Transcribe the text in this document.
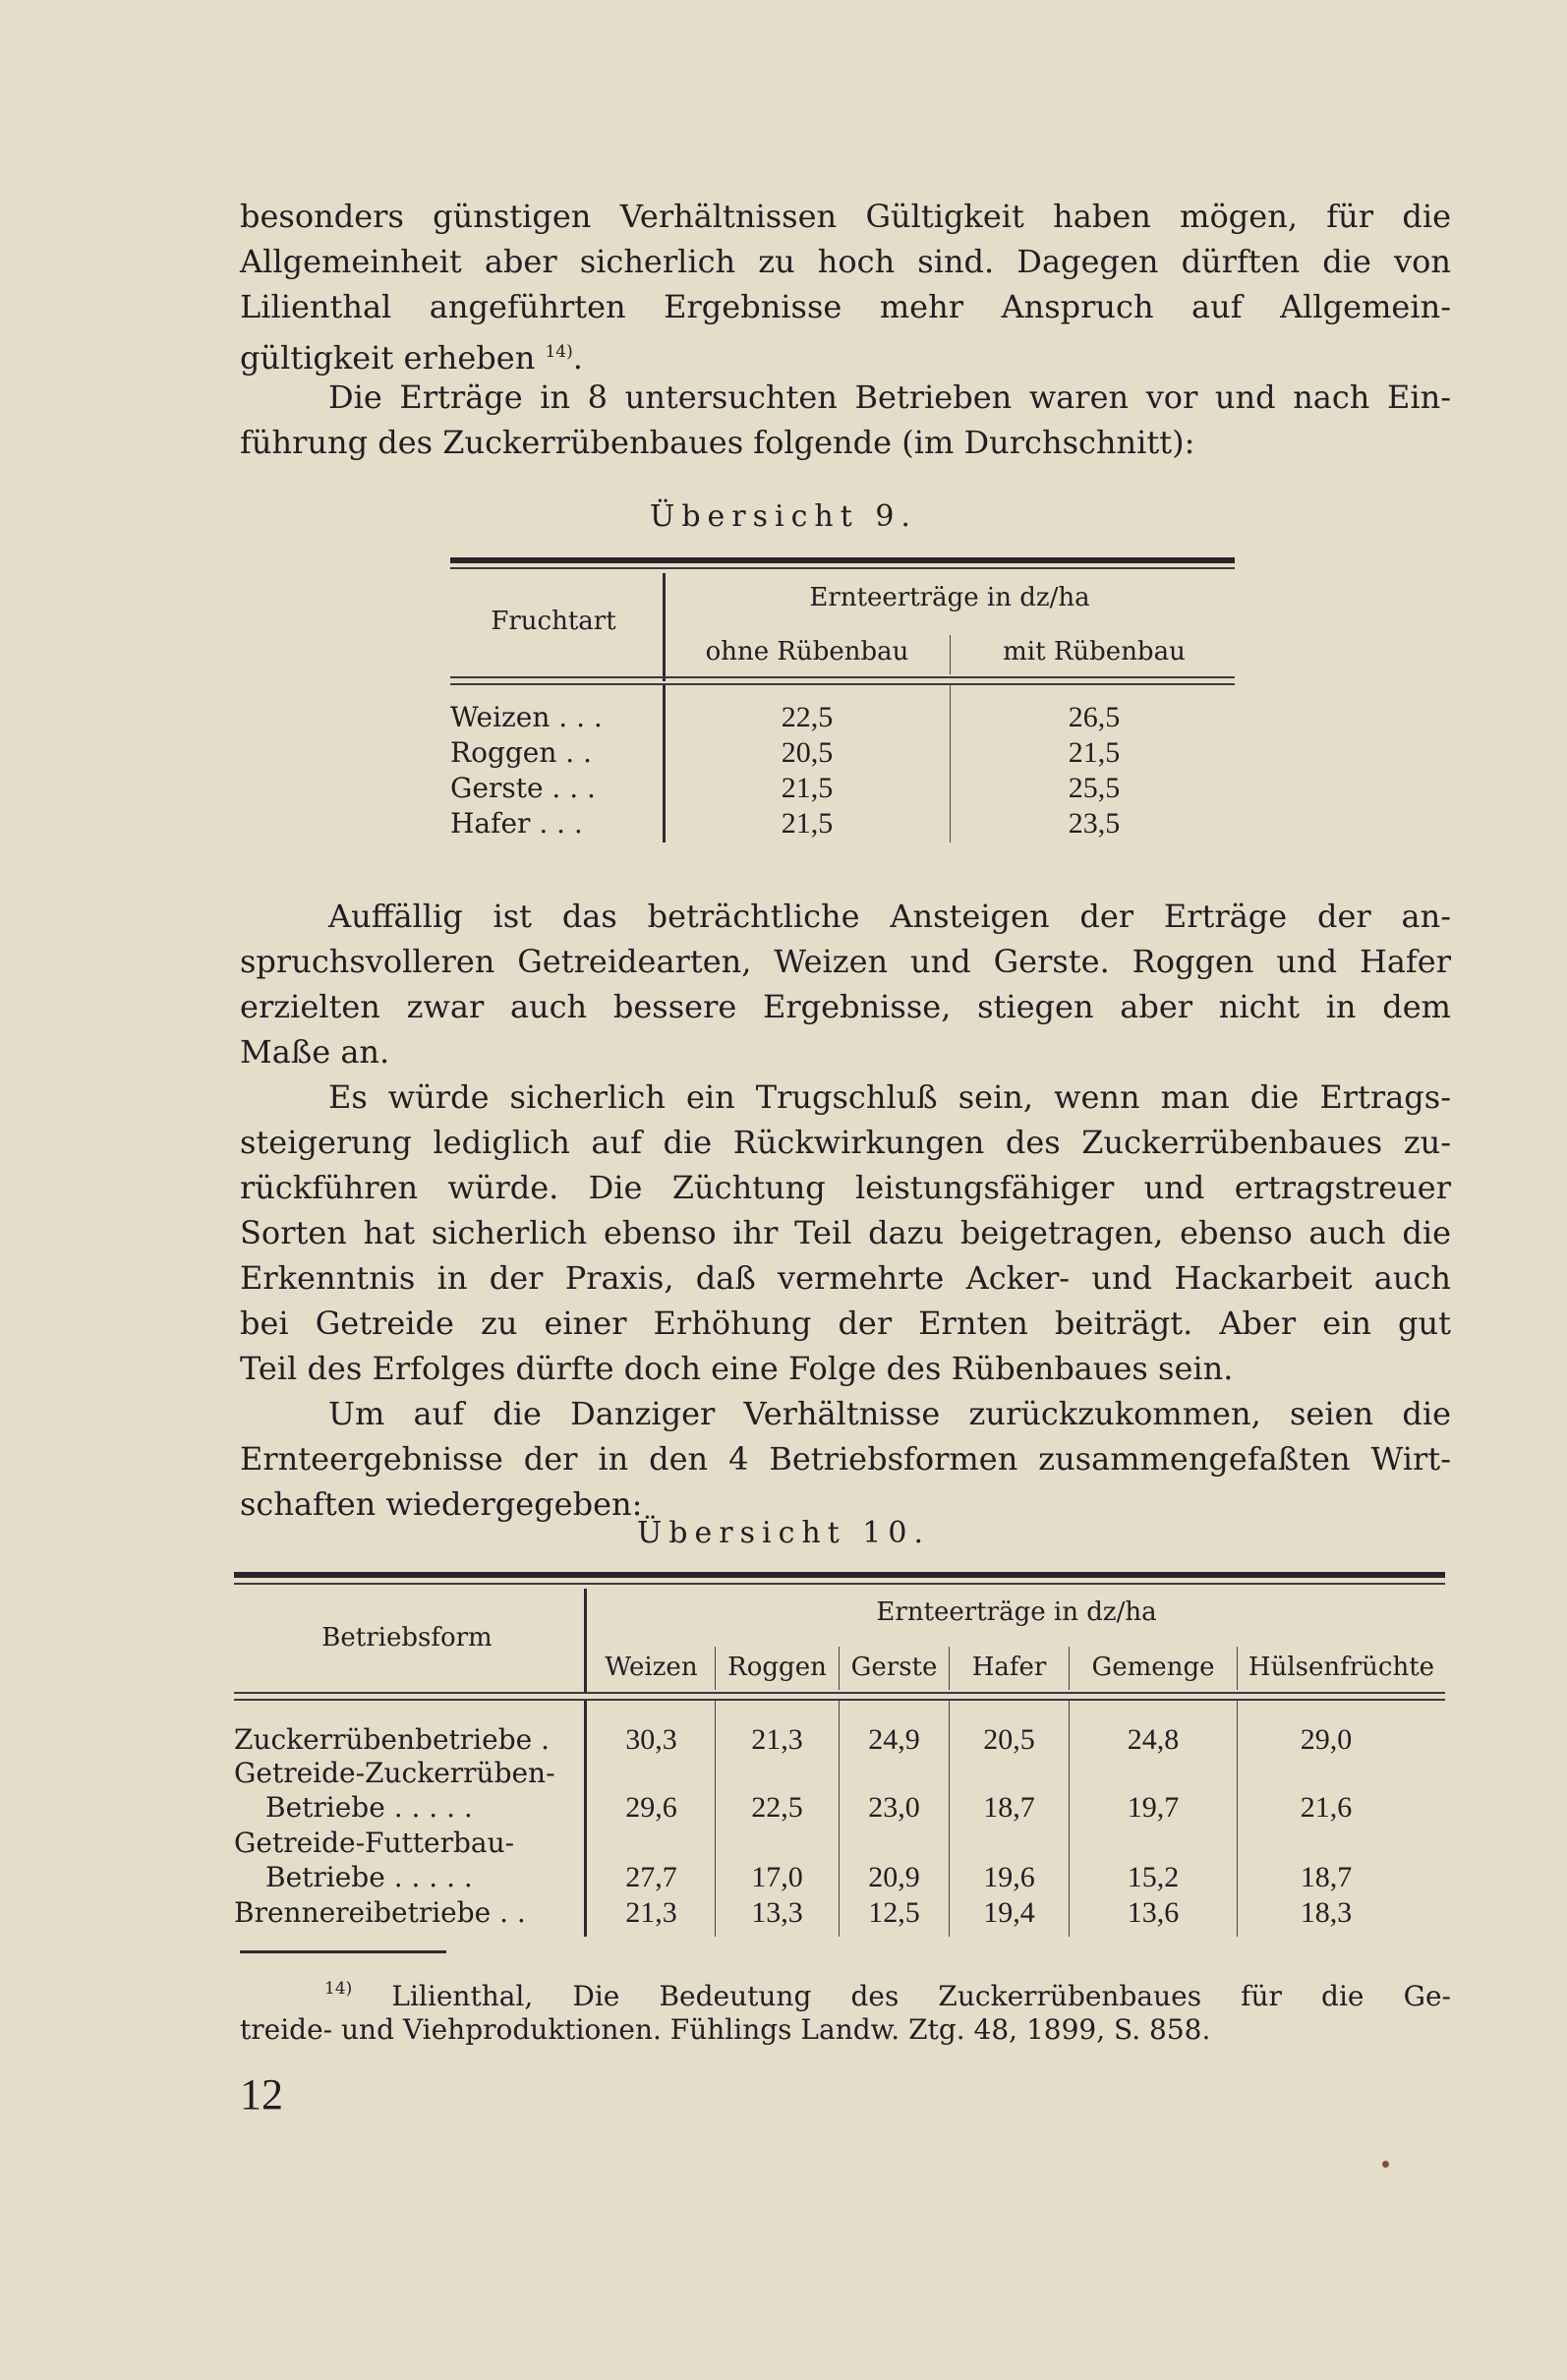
besonders günstigen Verhältnissen Gültigkeit haben mögen, für die
Allgemeinheit aber sicherlich zu hoch sind. Dagegen dürften die von
Lilienthal angeführten Ergebnisse mehr Anspruch auf Allgemein-
gültigkeit erheben $^{14)}$.
Die Erträge in 8 untersuchten Betrieben waren vor und nach Ein-
führung des Zuckerrübenbaues folgende (im Durchschnitt):
Übersicht 9.
Fruchtart
Ernteerträge in dz/ha
ohne Rübenbau	mit Rübenbau
Weizen . . .	22,5	26,5
Roggen . .	20,5	21,5
Gerste . . .	21,5	25,5
Hafer . . .	21,5	23,5
Auffällig ist das beträchtliche Ansteigen der Erträge der an-
spruchsvolleren Getreidearten, Weizen und Gerste. Roggen und Hafer
erzielten zwar auch bessere Ergebnisse, stiegen aber nicht in dem
Maße an.
Es würde sicherlich ein Trugschluß sein, wenn man die Ertrags-
steigerung lediglich auf die Rückwirkungen des Zuckerrübenbaues zu-
rückführen würde. Die Züchtung leistungsfähiger und ertragstreuer
Sorten hat sicherlich ebenso ihr Teil dazu beigetragen, ebenso auch die
Erkenntnis in der Praxis, daß vermehrte Acker- und Hackarbeit auch
bei Getreide zu einer Erhöhung der Ernten beiträgt. Aber ein gut
Teil des Erfolges dürfte doch eine Folge des Rübenbaues sein.
Um auf die Danziger Verhältnisse zurückzukommen, seien die
Ernteergebnisse der in den 4 Betriebsformen zusammengefaßten Wirt-
schaften wiedergegeben:
Übersicht 10.
Betriebsform
Ernteerträge in dz/ha
Weizen	Roggen Gerste	Hafer	Gemenge	Hülsenfrüchte
Zuckerrübenbetriebe .	30,3	21,3	24,9	20,5	24,8	29,0
Getreide-Zuckerrüben-
Betriebe . . . . .	29,6	22,5	23,0	18,7	19,7	21,6
Getreide-Futterbau-
Betriebe . . . . .	27,7	17,0	20,9	19,6	15,2	18,7
Brennereibetriebe . .	21,3	13,3	12,5	19,4	13,6	18,3
$^{14)}$ Lilienthal, Die Bedeutung des Zuckerrübenbaues für die Ge-
treide- und Viehproduktionen. Fühlings Landw. Ztg. 48, 1899, S. 858.
12
